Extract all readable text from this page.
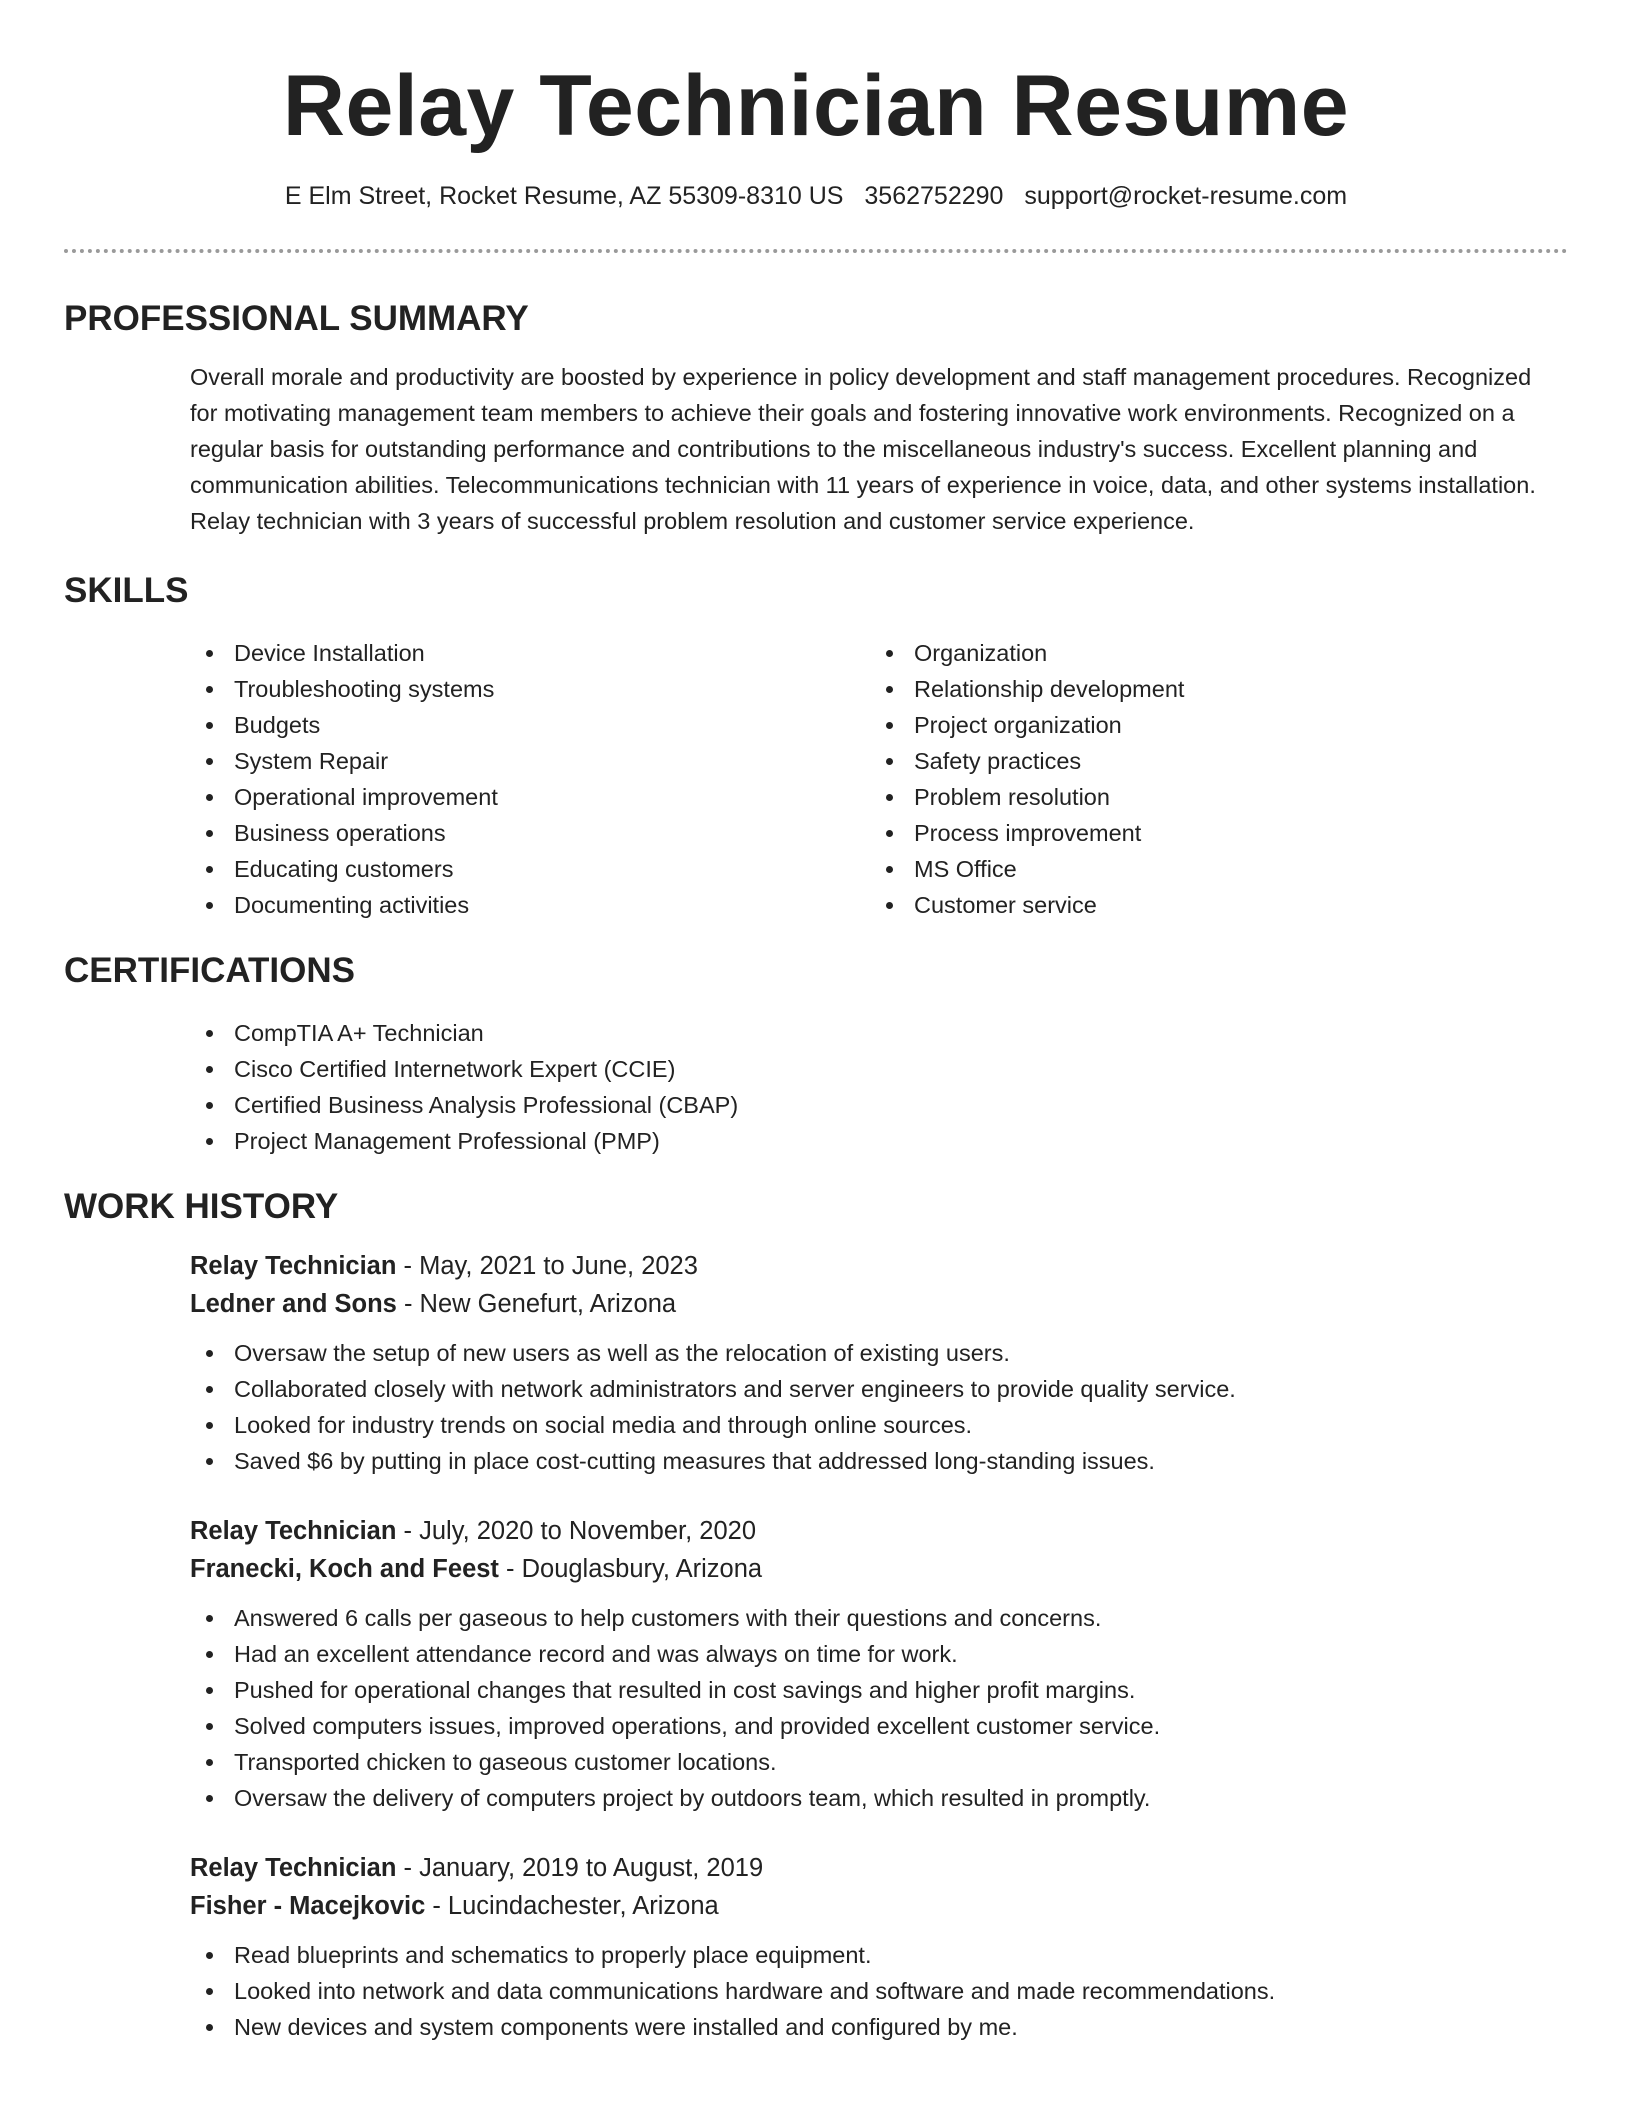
Relay Technician Resume
E Elm Street, Rocket Resume, AZ 55309-8310 US 3562752290 support@rocket-resume.com
PROFESSIONAL SUMMARY

Overall morale and productivity are boosted by experience in policy development and staff management procedures. Recognized for motivating management team members to achieve their goals and fostering innovative work environments. Recognized on a regular basis for outstanding performance and contributions to the miscellaneous industry's success. Excellent planning and communication abilities. Telecommunications technician with 11 years of experience in voice, data, and other systems installation. Relay technician with 3 years of successful problem resolution and customer service experience.

SKILLS
Device Installation
Troubleshooting systems
Budgets
System Repair
Operational improvement
Business operations
Educating customers
Documenting activities
Organization
Relationship development
Project organization
Safety practices
Problem resolution
Process improvement
MS Office
Customer service
CERTIFICATIONS
CompTIA A+ Technician
Cisco Certified Internetwork Expert (CCIE)
Certified Business Analysis Professional (CBAP)
Project Management Professional (PMP)
WORK HISTORY
Relay Technician - May, 2021 to June, 2023
Ledner and Sons - New Genefurt, Arizona
Oversaw the setup of new users as well as the relocation of existing users.
Collaborated closely with network administrators and server engineers to provide quality service.
Looked for industry trends on social media and through online sources.
Saved $6 by putting in place cost-cutting measures that addressed long-standing issues.
Relay Technician - July, 2020 to November, 2020
Franecki, Koch and Feest - Douglasbury, Arizona
Answered 6 calls per gaseous to help customers with their questions and concerns.
Had an excellent attendance record and was always on time for work.
Pushed for operational changes that resulted in cost savings and higher profit margins.
Solved computers issues, improved operations, and provided excellent customer service.
Transported chicken to gaseous customer locations.
Oversaw the delivery of computers project by outdoors team, which resulted in promptly.
Relay Technician - January, 2019 to August, 2019
Fisher - Macejkovic - Lucindachester, Arizona
Read blueprints and schematics to properly place equipment.
Looked into network and data communications hardware and software and made recommendations.
New devices and system components were installed and configured by me.
